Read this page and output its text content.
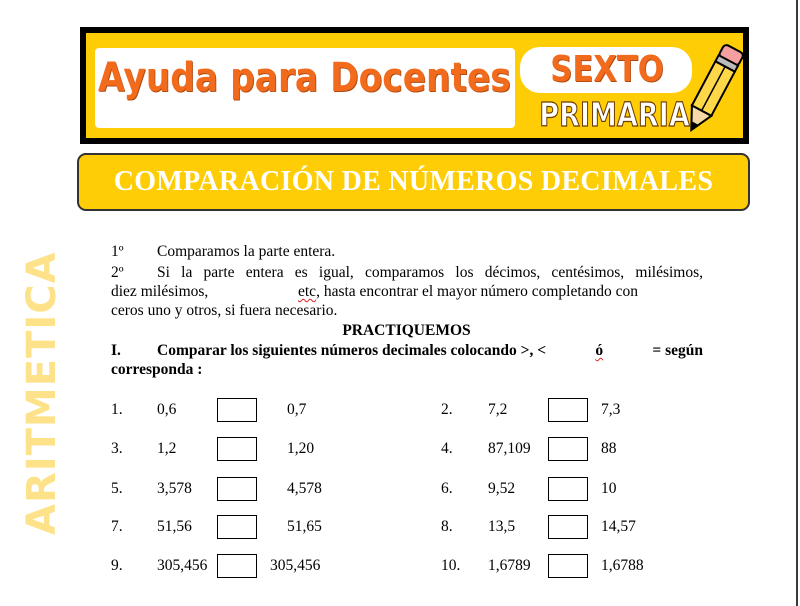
Ayuda para Docentes SEXTO
PRIMARIA
COMPARACIÓN DE NÚMEROS DECIMALES
ARITMETICA	1º Comparamos la parte entera.
2º Si la parte entera es igual, comparamos los décimos, centésimos, milésimos,
diez milésimos,	etc, hasta encontrar el mayor número completando con
ceros uno y otros, si fuera necesario.
PRACTIQUEMOS
I. Comparar los siguientes números decimales colocando >, <	ó	= según
corresponda :
1. 0,6	0,7	2. 7,2	7,3
3. 1,2	1,20	4. 87,109	88
5. 3,578	4,578	6. 9,52	10
7. 51,56	51,65	8. 13,5	14,57
9. 305,456	305,456	10. 1,6789	1,6788
